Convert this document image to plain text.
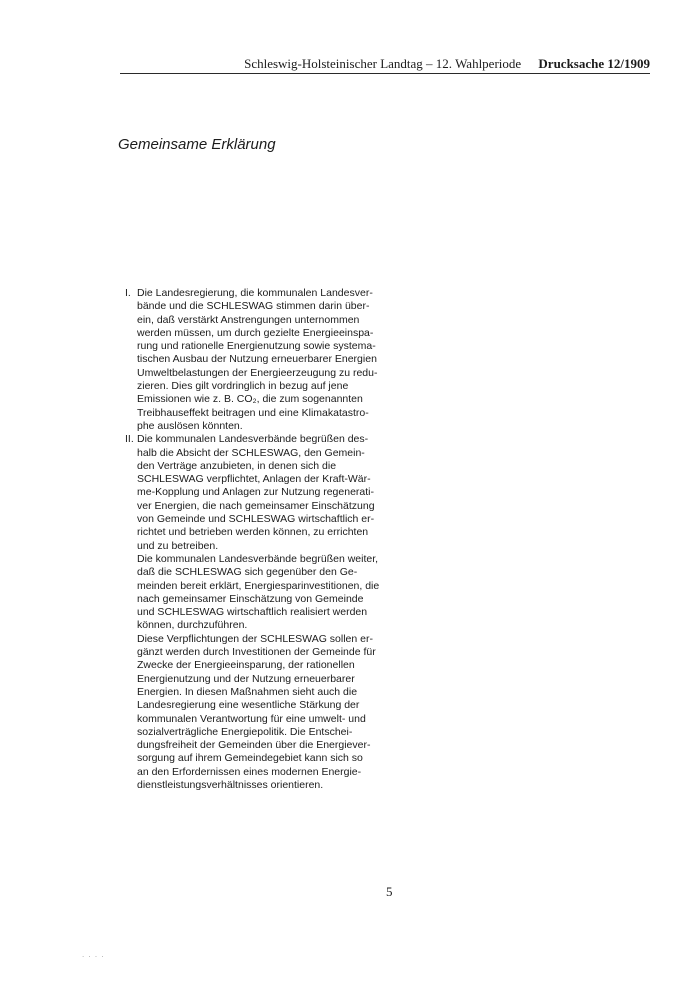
Schleswig-Holsteinischer Landtag – 12. Wahlperiode Drucksache 12/1909
Gemeinsame Erklärung
I. Die Landesregierung, die kommunalen Landesver-
bände und die SCHLESWAG stimmen darin über-
ein, daß verstärkt Anstrengungen unternommen
werden müssen, um durch gezielte Energieeinspa-
rung und rationelle Energienutzung sowie systema-
tischen Ausbau der Nutzung erneuerbarer Energien
Umweltbelastungen der Energieerzeugung zu redu-
zieren. Dies gilt vordringlich in bezug auf jene
Emissionen wie z. B. CO₂, die zum sogenannten
Treibhauseffekt beitragen und eine Klimakatastro-
phe auslösen könnten.
II. Die kommunalen Landesverbände begrüßen des-
halb die Absicht der SCHLESWAG, den Gemein-
den Verträge anzubieten, in denen sich die
SCHLESWAG verpflichtet, Anlagen der Kraft-Wär-
me-Kopplung und Anlagen zur Nutzung regenerati-
ver Energien, die nach gemeinsamer Einschätzung
von Gemeinde und SCHLESWAG wirtschaftlich er-
richtet und betrieben werden können, zu errichten
und zu betreiben.
Die kommunalen Landesverbände begrüßen weiter,
daß die SCHLESWAG sich gegenüber den Ge-
meinden bereit erklärt, Energiesparinvestitionen, die
nach gemeinsamer Einschätzung von Gemeinde
und SCHLESWAG wirtschaftlich realisiert werden
können, durchzuführen.
Diese Verpflichtungen der SCHLESWAG sollen er-
gänzt werden durch Investitionen der Gemeinde für
Zwecke der Energieeinsparung, der rationellen
Energienutzung und der Nutzung erneuerbarer
Energien. In diesen Maßnahmen sieht auch die
Landesregierung eine wesentliche Stärkung der
kommunalen Verantwortung für eine umwelt- und
sozialverträgliche Energiepolitik. Die Entschei-
dungsfreiheit der Gemeinden über die Energiever-
sorgung auf ihrem Gemeindegebiet kann sich so
an den Erfordernissen eines modernen Energie-
dienstleistungsverhältnisses orientieren.
5
· · · ·
